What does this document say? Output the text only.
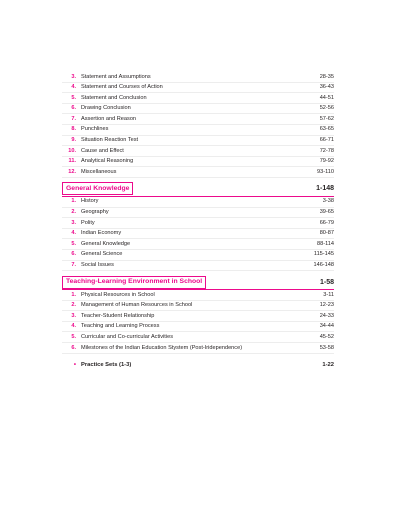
3. Statement and Assumptions	28-35
4. Statement and Courses of Action	36-43
5. Statement and Conclusion	44-51
6. Drawing Conclusion	52-56
7. Assertion and Reason	57-62
8. Punchlines	63-65
9. Situation Reaction Test	66-71
10. Cause and Effect	72-78
11. Analytical Reasoning	79-92
12. Miscellaneous	93-110
General Knowledge	1-148
1. History	3-38
2. Geography	39-65
3. Polity	66-79
4. Indian Economy	80-87
5. General Knowledge	88-114
6. General Science	115-145
7. Social Issues	146-148
Teaching-Learning Environment in School	1-58
1. Physical Resources in School	3-11
2. Management of Human Resources in School	12-23
3. Teacher-Student Relationship	24-33
4. Teaching and Learning Process	34-44
5. Curricular and Co-curricular Activities	45-52
6. Milestones of the Indian Education Stystem (Post-Iridependence)	53-58
• Practice Sets (1-3)	1-22
